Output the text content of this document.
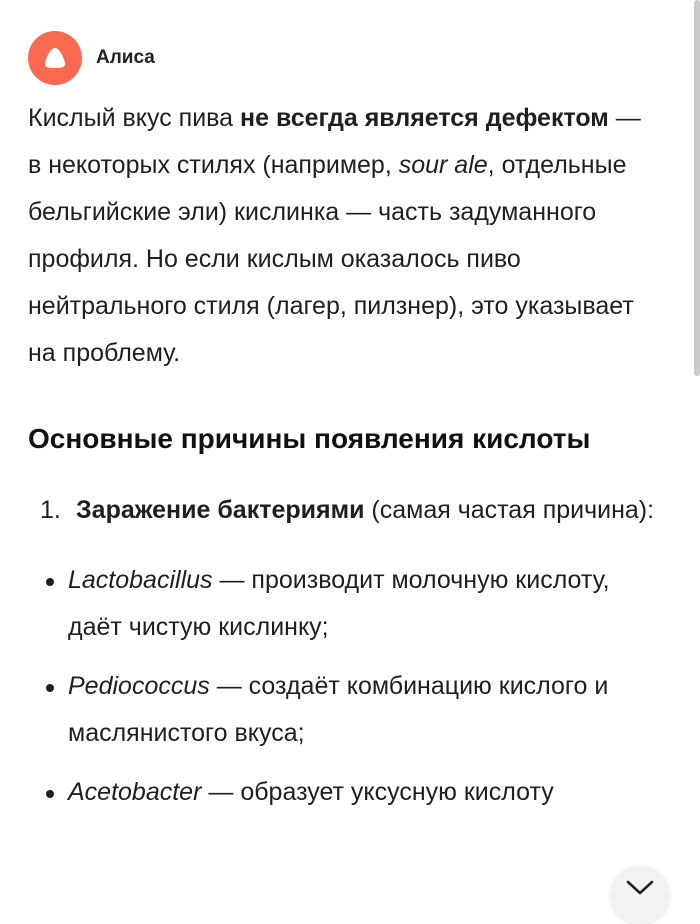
Алиса

Кислый вкус пива не всегда является дефектом — в некоторых стилях (например, sour ale, отдельные бельгийские эли) кислинка — часть задуманного профиля. Но если кислым оказалось пиво нейтрального стиля (лагер, пилзнер), это указывает на проблему.

Основные причины появления кислоты
1. Заражение бактериями (самая частая причина):
Lactobacillus — производит молочную кислоту, даёт чистую кислинку;
Pediococcus — создаёт комбинацию кислого и маслянистого вкуса;
Acetobacter — образует уксусную кислоту
